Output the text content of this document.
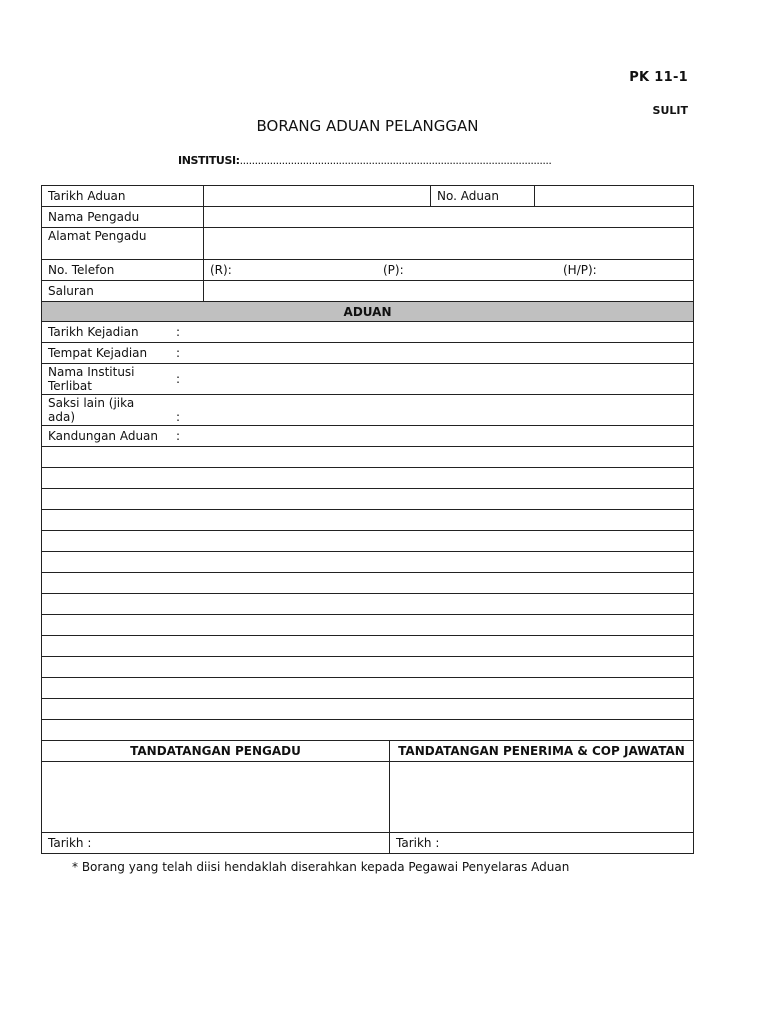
PK 11-1
SULIT
BORANG ADUAN PELANGGAN
INSTITUSI:........................................................................................................
Tarikh Aduan			No. Aduan	
Nama Pengadu				
Alamat Pengadu				
No. Telefon	(R): (P): (H/P):			

Saluran				
ADUAN				
Tarikh Kejadian :				
Tempat Kejadian :				
Nama Institusi Terlibat :				
Saksi lain (jika ada) :				
Kandungan Aduan :				

TANDATANGAN PENGADU		TANDATANGAN PENERIMA & COP JAWATAN		

Tarikh :		Tarikh :		
* Borang yang telah diisi hendaklah diserahkan kepada Pegawai Penyelaras Aduan
